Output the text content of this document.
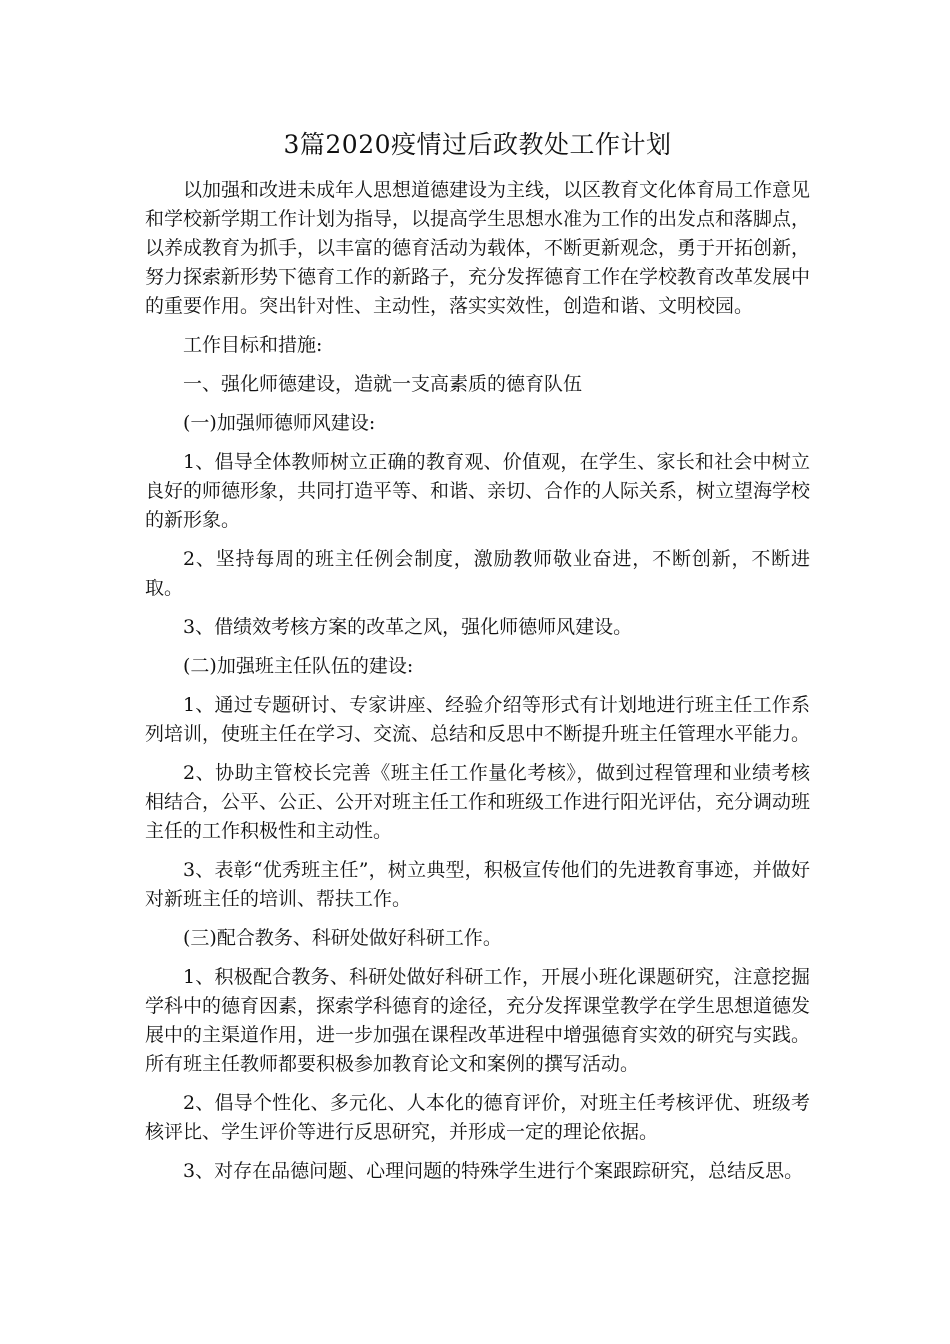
3篇2020疫情过后政教处工作计划

以加强和改进未成年人思想道德建设为主线，以区教育文化体育局工作意见和学校新学期工作计划为指导，以提高学生思想水准为工作的出发点和落脚点，以养成教育为抓手，以丰富的德育活动为载体，不断更新观念，勇于开拓创新，努力探索新形势下德育工作的新路子，充分发挥德育工作在学校教育改革发展中的重要作用。突出针对性、主动性，落实实效性，创造和谐、文明校园。

工作目标和措施:

一、强化师德建设，造就一支高素质的德育队伍

(一)加强师德师风建设:

1、倡导全体教师树立正确的教育观、价值观，在学生、家长和社会中树立良好的师德形象，共同打造平等、和谐、亲切、合作的人际关系，树立望海学校的新形象。

2、坚持每周的班主任例会制度，激励教师敬业奋进，不断创新，不断进取。

3、借绩效考核方案的改革之风，强化师德师风建设。

(二)加强班主任队伍的建设:

1、通过专题研讨、专家讲座、经验介绍等形式有计划地进行班主任工作系列培训，使班主任在学习、交流、总结和反思中不断提升班主任管理水平能力。

2、协助主管校长完善《班主任工作量化考核》，做到过程管理和业绩考核相结合，公平、公正、公开对班主任工作和班级工作进行阳光评估，充分调动班主任的工作积极性和主动性。

3、表彰“优秀班主任”，树立典型，积极宣传他们的先进教育事迹，并做好对新班主任的培训、帮扶工作。

(三)配合教务、科研处做好科研工作。

1、积极配合教务、科研处做好科研工作，开展小班化课题研究，注意挖掘学科中的德育因素，探索学科德育的途径，充分发挥课堂教学在学生思想道德发展中的主渠道作用，进一步加强在课程改革进程中增强德育实效的研究与实践。所有班主任教师都要积极参加教育论文和案例的撰写活动。

2、倡导个性化、多元化、人本化的德育评价，对班主任考核评优、班级考核评比、学生评价等进行反思研究，并形成一定的理论依据。

3、对存在品德问题、心理问题的特殊学生进行个案跟踪研究，总结反思。
